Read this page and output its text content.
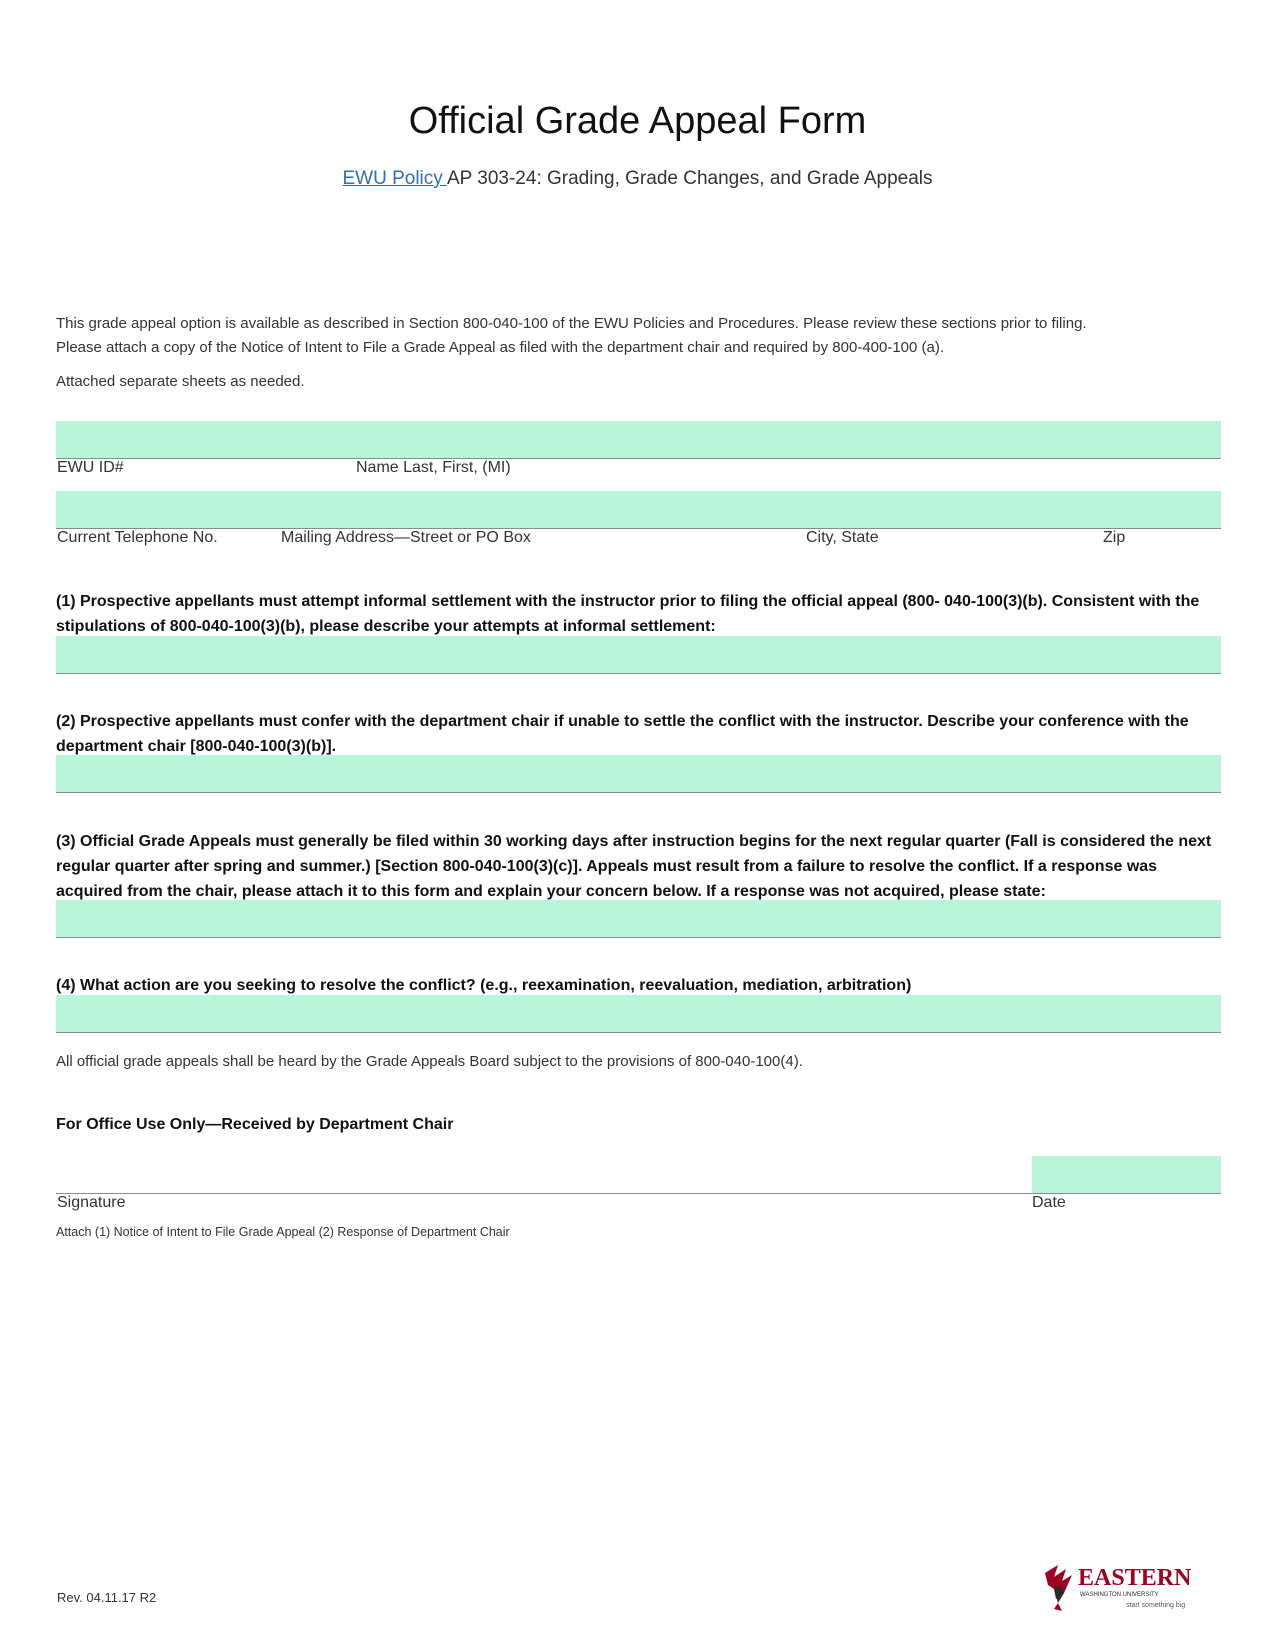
Official Grade Appeal Form
EWU Policy AP 303-24: Grading, Grade Changes, and Grade Appeals
This grade appeal option is available as described in Section 800-040-100 of the EWU Policies and Procedures. Please review these sections prior to filing.
Please attach a copy of the Notice of Intent to File a Grade Appeal as filed with the department chair and required by 800-400-100 (a).
Attached separate sheets as needed.
EWU ID#	Name Last, First, (MI)
Current Telephone No.	Mailing Address—Street or PO Box	City, State	Zip
(1) Prospective appellants must attempt informal settlement with the instructor prior to filing the official appeal (800- 040-100(3)(b). Consistent with the stipulations of 800-040-100(3)(b), please describe your attempts at informal settlement:
(2) Prospective appellants must confer with the department chair if unable to settle the conflict with the instructor. Describe your conference with the department chair [800-040-100(3)(b)].
(3) Official Grade Appeals must generally be filed within 30 working days after instruction begins for the next regular quarter (Fall is considered the next regular quarter after spring and summer.) [Section 800-040-100(3)(c)]. Appeals must result from a failure to resolve the conflict. If a response was acquired from the chair, please attach it to this form and explain your concern below. If a response was not acquired, please state:
(4) What action are you seeking to resolve the conflict? (e.g., reexamination, reevaluation, mediation, arbitration)
All official grade appeals shall be heard by the Grade Appeals Board subject to the provisions of 800-040-100(4).
For Office Use Only—Received by Department Chair
Signature	Date
Attach (1) Notice of Intent to File Grade Appeal (2) Response of Department Chair
Rev. 04.11.17 R2
EASTERN
WASHINGTON UNIVERSITY
start something big
